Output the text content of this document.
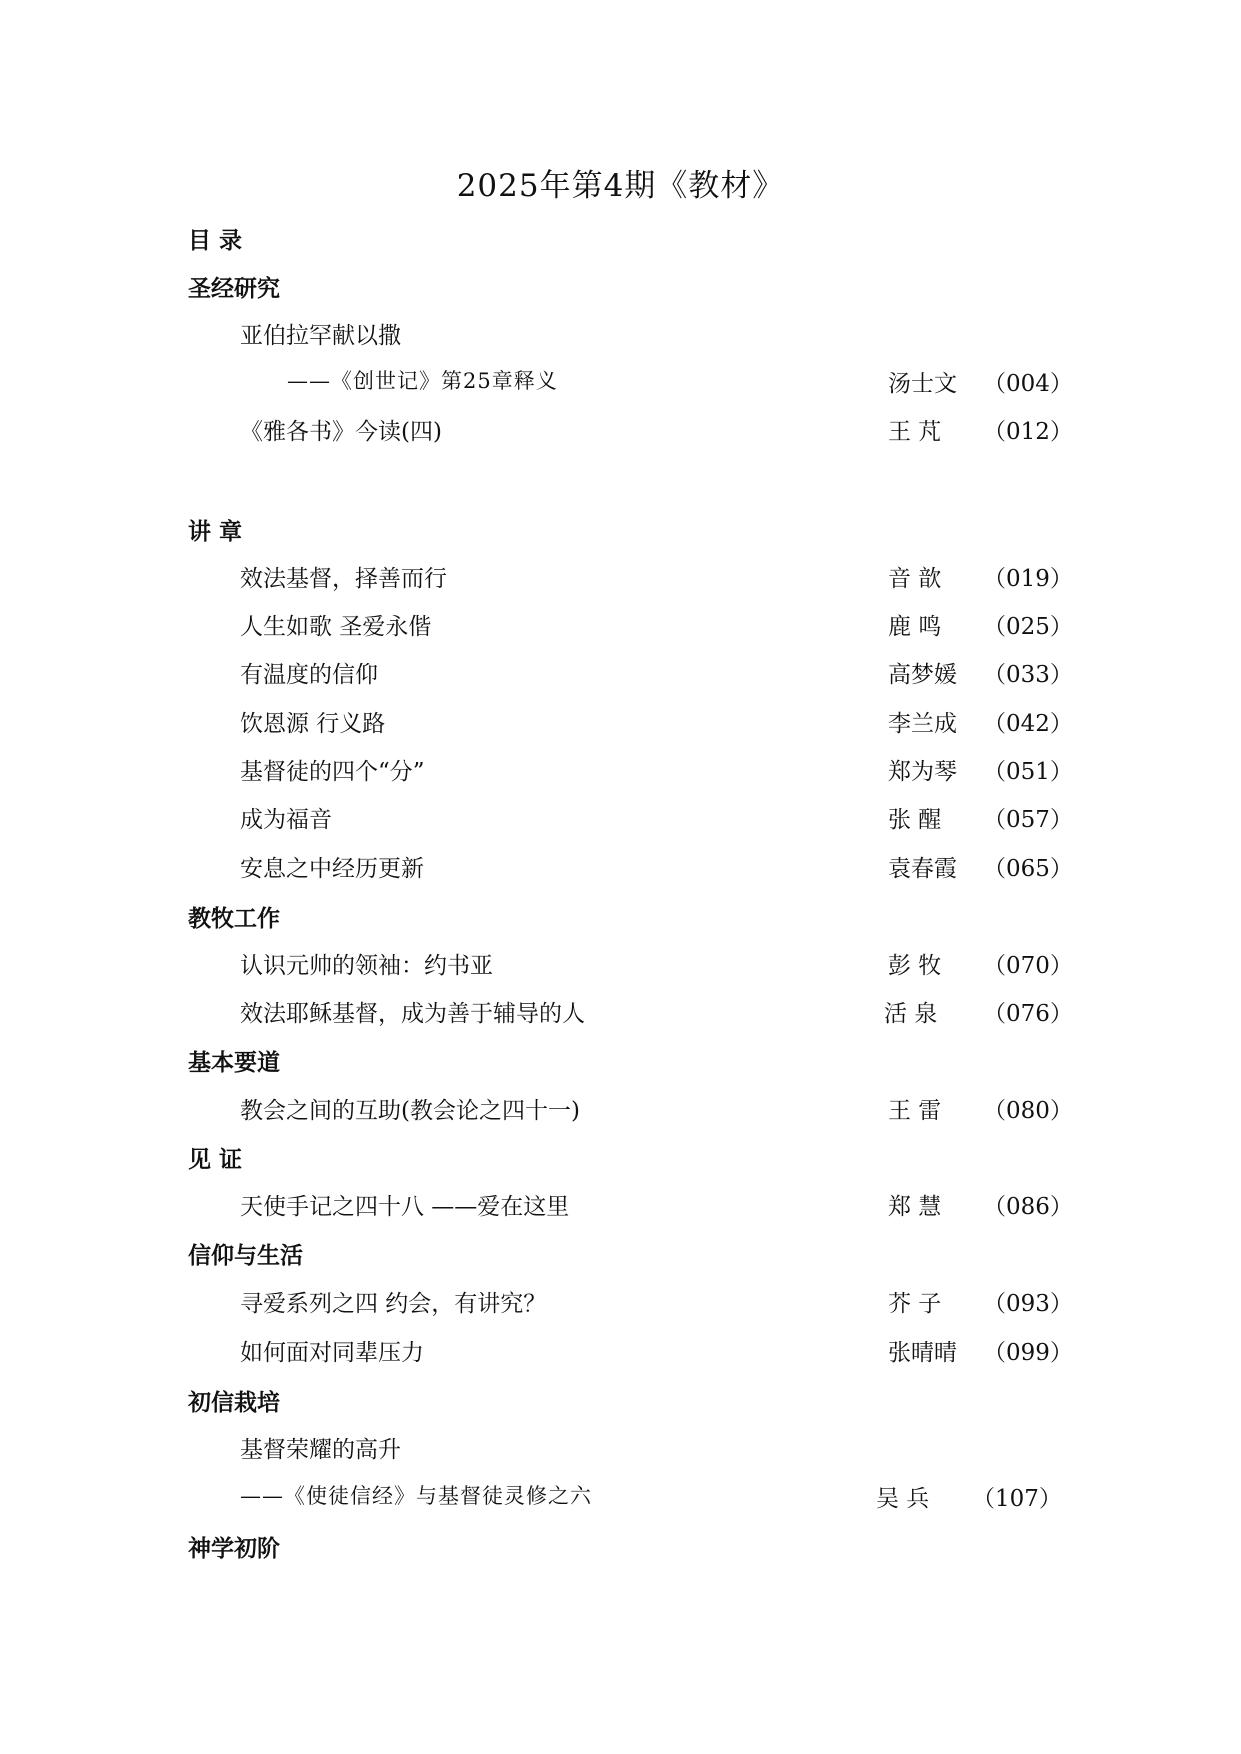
2025年第4期《教材》
目 录
圣经研究
亚伯拉罕献以撒
——《创世记》第25章释义	汤士文 （004）
《雅各书》今读(四)	王 芃 （012）
讲 章
效法基督，择善而行	音 歆 （019）
人生如歌 圣爱永偕	鹿 鸣 （025）
有温度的信仰	高梦媛 （033）
饮恩源 行义路	李兰成 （042）
基督徒的四个“分”	郑为琴 （051）
成为福音	张 醒 （057）
安息之中经历更新	袁春霞 （065）
教牧工作
认识元帅的领袖：约书亚	彭 牧 （070）
效法耶稣基督，成为善于辅导的人	活 泉 （076）
基本要道
教会之间的互助(教会论之四十一)	王 雷 （080）
见 证
天使手记之四十八 ——爱在这里	郑 慧 （086）
信仰与生活
寻爱系列之四 约会，有讲究？	芥 子 （093）
如何面对同辈压力	张晴晴 （099）
初信栽培
基督荣耀的高升
——《使徒信经》与基督徒灵修之六	吴 兵 （107）
神学初阶
